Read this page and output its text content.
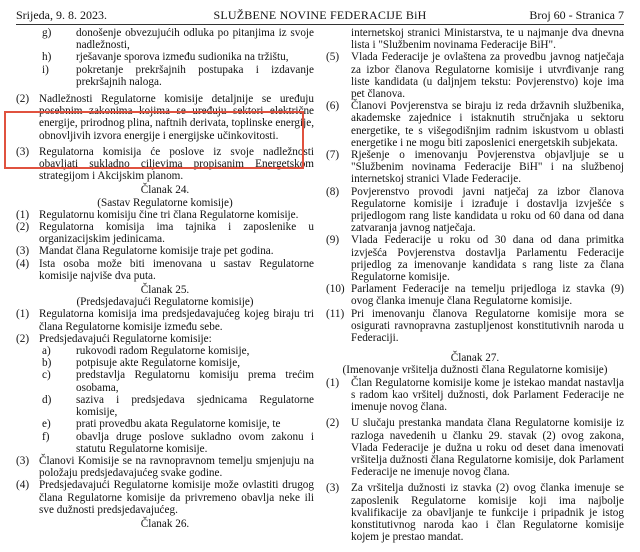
Srijeda, 9. 8. 2023.	SLUŽBENE NOVINE FEDERACIJE BiH	Broj 60 - Stranica 7
g)	donošenje obvezujućih odluka po pitanjima iz svoje nadležnosti,
h)	rješavanje sporova između sudionika na tržištu,
i)	pokretanje prekršajnih postupaka i izdavanje prekršajnih naloga.
(2) Nadležnosti Regulatorne komisije detaljnije se uređuju posebnim zakonima kojima se uređuju sektori električne energije, prirodnog plina, naftnih derivata, toplinske energije, obnovljivih izvora energije i energijske učinkovitosti.
(3) Regulatorna komisija će poslove iz svoje nadležnosti obavljati sukladno ciljevima propisanim Energetskom strategijom i Akcijskim planom.
Članak 24.
(Sastav Regulatorne komisije)
(1) Regulatornu komisiju čine tri člana Regulatorne komisije.
(2) Regulatorna komisija ima tajnika i zaposlenike u organizacijskim jedinicama.
(3) Mandat člana Regulatorne komisije traje pet godina.
(4) Ista osoba može biti imenovana u sastav Regulatorne komisije najviše dva puta.
Članak 25.
(Predsjedavajući Regulatorne komisije)
(1) Regulatorna komisija ima predsjedavajućeg kojeg biraju tri člana Regulatorne komisije između sebe.
(2) Predsjedavajući Regulatorne komisije:
a)	rukovodi radom Regulatorne komisije,
b)	potpisuje akte Regulatorne komisije,
c)	predstavlja Regulatornu komisiju prema trećim osobama,
d)	saziva i predsjedava sjednicama Regulatorne komisije,
e)	prati provedbu akata Regulatorne komisije, te
f)	obavlja druge poslove sukladno ovom zakonu i statutu Regulatorne komisije.
(3) Članovi Komisije se na ravnopravnom temelju smjenjuju na položaju predsjedavajućeg svake godine.
(4) Predsjedavajući Regulatorne komisije može ovlastiti drugog člana Regulatorne komisije da privremeno obavlja neke ili sve dužnosti predsjedavajućeg.
Članak 26.
internetskoj stranici Ministarstva, te u najmanje dva dnevna lista i "Službenim novinama Federacije BiH".
(5)	Vlada Federacije je ovlaštena za provedbu javnog natječaja za izbor članova Regulatorne komisije i utvrđivanje rang liste kandidata (u daljnjem tekstu: Povjerenstvo) koje ima pet članova.
(6)	Članovi Povjerenstva se biraju iz reda državnih službenika, akademske zajednice i istaknutih stručnjaka u sektoru energetike, te s višegodišnjim radnim iskustvom u oblasti energetike i ne mogu biti zaposlenici energetskih subjekata.
(7)	Rješenje o imenovanju Povjerenstva objavljuje se u "Službenim novinama Federacije BiH" i na službenoj internetskoj stranici Vlade Federacije.
(8)	Povjerenstvo provodi javni natječaj za izbor članova Regulatorne komisije i izrađuje i dostavlja izvješće s prijedlogom rang liste kandidata u roku od 60 dana od dana zatvaranja javnog natječaja.
(9)	Vlada Federacije u roku od 30 dana od dana primitka izvješća Povjerenstva dostavlja Parlamentu Federacije prijedlog za imenovanje kandidata s rang liste za člana Regulatorne komisije.
(10) Parlament Federacije na temelju prijedloga iz stavka (9) ovog članka imenuje člana Regulatorne komisije.
(11) Pri imenovanju članova Regulatorne komisije mora se osigurati ravnopravna zastupljenost konstitutivnih naroda u Federaciji.
Članak 27.
(Imenovanje vršitelja dužnosti člana Regulatorne komisije)
(1)	Član Regulatorne komisije kome je istekao mandat nastavlja s radom kao vršitelj dužnosti, dok Parlament Federacije ne imenuje novog člana.
(2)	U slučaju prestanka mandata člana Regulatorne komisije iz razloga navedenih u članku 29. stavak (2) ovog zakona, Vlada Federacije je dužna u roku od deset dana imenovati vršitelja dužnosti člana Regulatorne komisije, dok Parlament Federacije ne imenuje novog člana.
(3)	Za vršitelja dužnosti iz stavka (2) ovog članka imenuje se zaposlenik Regulatorne komisije koji ima najbolje kvalifikacije za obavljanje te funkcije i pripadnik je istog konstitutivnog naroda kao i član Regulatorne komisije kojem je prestao mandat.
